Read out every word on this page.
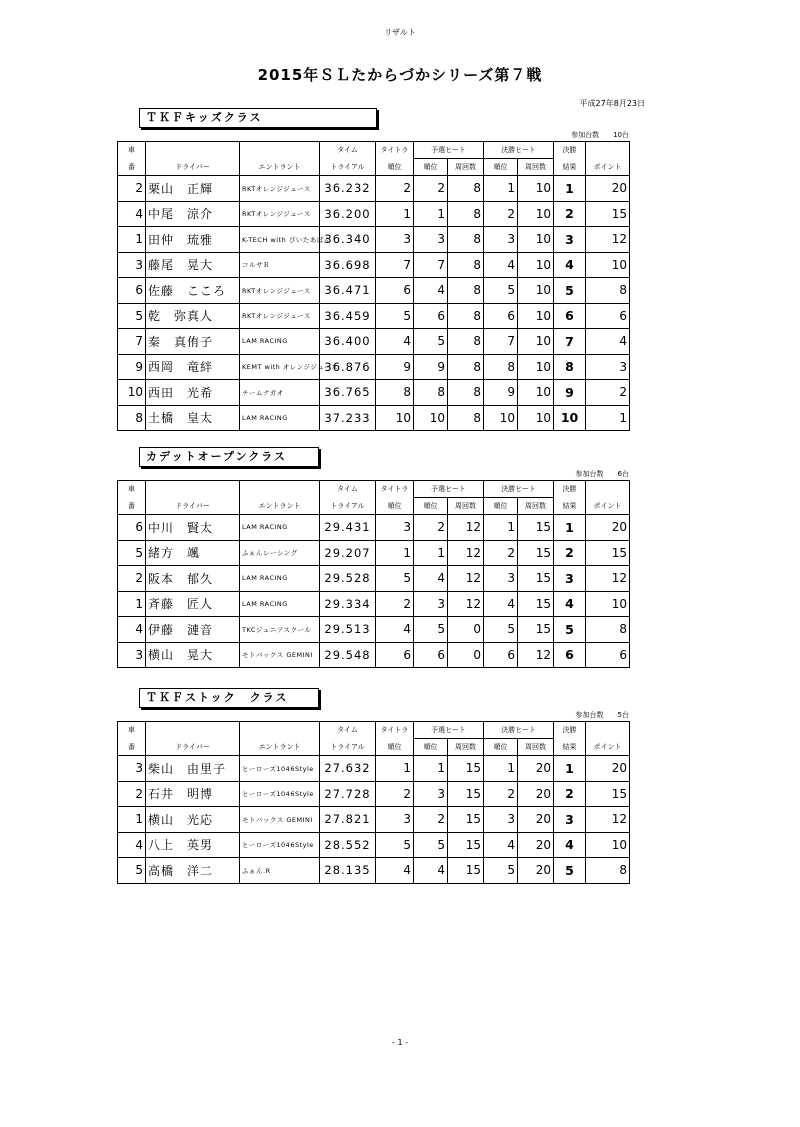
リザルト
2015年ＳＬたからづかシリーズ第７戦
平成27年8月23日
ＴＫＦキッズクラス
参加台数 10台
車			タイム	タイトラ	予選ヒート		決勝ヒート		決勝	
番	ドライバー	エントラント	トライアル	順位	順位	周回数	順位	周回数	結果	ポイント
2	栗山　正輝	RKTオレンジジュース	36.232	2	2	8	1	10	1	20
4	中尾　涼介	RKTオレンジジュース	36.200	1	1	8	2	10	2	15
1	田仲　琉雅	K-TECH with ぴいたあぱん	36.340	3	3	8	3	10	3	12
3	藤尾　晃大	コルサＲ	36.698	7	7	8	4	10	4	10
6	佐藤　こころ	RKTオレンジジュース	36.471	6	4	8	5	10	5	8
5	乾　弥真人	RKTオレンジジュース	36.459	5	6	8	6	10	6	6
7	秦　真侑子	LAM RACING	36.400	4	5	8	7	10	7	4
9	西岡　竜絆	KEMT with オレンジジュース	36.876	9	9	8	8	10	8	3
10	西田　光希	チームナガオ	36.765	8	8	8	9	10	9	2
8	土橋　皇太	LAM RACING	37.233	10	10	8	10	10	10	1
カデットオープンクラス
参加台数 6台
車			タイム	タイトラ	予選ヒート		決勝ヒート		決勝	
番	ドライバー	エントラント	トライアル	順位	順位	周回数	順位	周回数	結果	ポイント
6	中川　賢太	LAM RACING	29.431	3	2	12	1	15	1	20
5	緒方　颯	ふぁんレーシング	29.207	1	1	12	2	15	2	15
2	阪本　郁久	LAM RACING	29.528	5	4	12	3	15	3	12
1	斉藤　匠人	LAM RACING	29.334	2	3	12	4	15	4	10
4	伊藤　漣音	TKCジュニアスクール	29.513	4	5	0	5	15	5	8
3	横山　晃大	モトバックス GEMINI	29.548	6	6	0	6	12	6	6
ＴＫＦストック　クラス
参加台数 5台
車			タイム	タイトラ	予選ヒート		決勝ヒート		決勝	
番	ドライバー	エントラント	トライアル	順位	順位	周回数	順位	周回数	結果	ポイント
3	柴山　由里子	ヒーローズ1046Style	27.632	1	1	15	1	20	1	20
2	石井　明博	ヒーローズ1046Style	27.728	2	3	15	2	20	2	15
1	横山　光応	モトバックス GEMINI	27.821	3	2	15	3	20	3	12
4	八上　英男	ヒーローズ1046Style	28.552	5	5	15	4	20	4	10
5	高橋　洋二	ふぁん.R	28.135	4	4	15	5	20	5	8
- 1 -
